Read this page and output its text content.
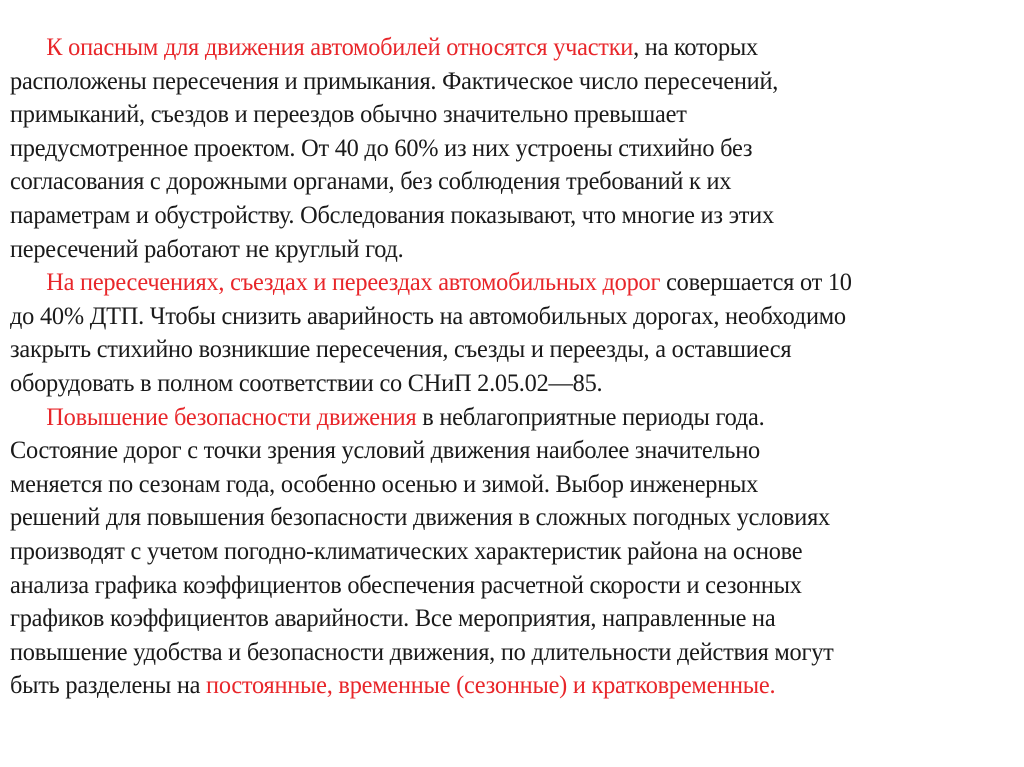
К опасным для движения автомобилей относятся участки, на которых
расположены пересечения и примыкания. Фактическое число пересечений,
примыканий, съездов и переездов обычно значительно превышает
предусмотренное проектом. От 40 до 60% из них устроены стихийно без
согласования с дорожными органами, без соблюдения требований к их
параметрам и обустройству. Обследования показывают, что многие из этих
пересечений работают не круглый год.

На пересечениях, съездах и переездах автомобильных дорог совершается от 10
до 40% ДТП. Чтобы снизить аварийность на автомобильных дорогах, необходимо
закрыть стихийно возникшие пересечения, съезды и переезды, а оставшиеся
оборудовать в полном соответствии со СНиП 2.05.02—85.

Повышение безопасности движения в неблагоприятные периоды года.
Состояние дорог с точки зрения условий движения наиболее значительно
меняется по сезонам года, особенно осенью и зимой. Выбор инженерных
решений для повышения безопасности движения в сложных погодных условиях
производят с учетом погодно-климатических характеристик района на основе
анализа графика коэффициентов обеспечения расчетной скорости и сезонных
графиков коэффициентов аварийности. Все мероприятия, направленные на
повышение удобства и безопасности движения, по длительности действия могут
быть разделены на постоянные, временные (сезонные) и кратковременные.
